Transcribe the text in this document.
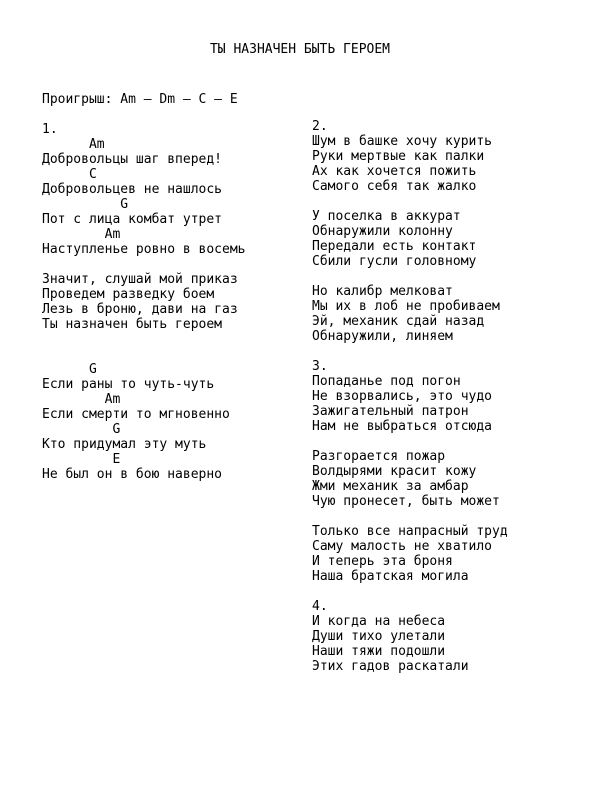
ТЫ НАЗНАЧЕН БЫТЬ ГЕРОЕМ
Проигрыш: Am – Dm – C – E
1.
Am
Добровольцы шаг вперед!
C
Добровольцев не нашлось
G
Пот с лица комбат утрет
Am
Наступленье ровно в восемь
Значит, слушай мой приказ
Проведем разведку боем
Лезь в броню, дави на газ
Ты назначен быть героем
G
Если раны то чуть-чуть
Am
Если смерти то мгновенно
G
Кто придумал эту муть
E
Не был он в бою наверно
2.
Шум в башке хочу курить
Руки мертвые как палки
Ах как хочется пожить
Самого себя так жалко
У поселка в аккурат
Обнаружили колонну
Передали есть контакт
Сбили гусли головному
Но калибр мелковат
Мы их в лоб не пробиваем
Эй, механик сдай назад
Обнаружили, линяем
3.
Попаданье под погон
Не взорвались, это чудо
Зажигательный патрон
Нам не выбраться отсюда
Разгорается пожар
Волдырями красит кожу
Жми механик за амбар
Чую пронесет, быть может
Только все напрасный труд
Саму малость не хватило
И теперь эта броня
Наша братская могила
4.
И когда на небеса
Души тихо улетали
Наши тяжи подошли
Этих гадов раскатали
